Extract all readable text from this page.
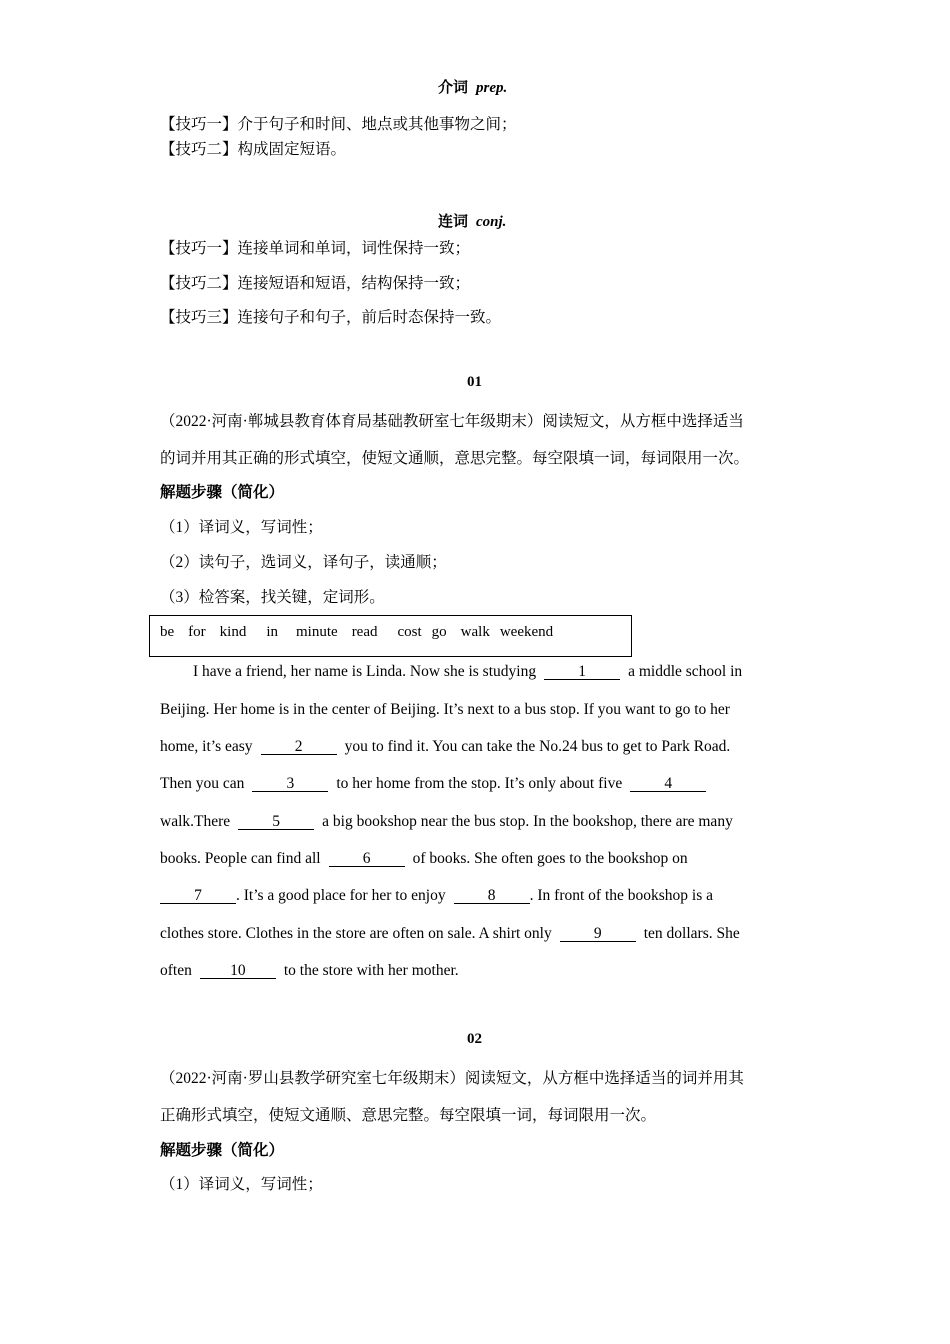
介词 prep.
【技巧一】介于句子和时间、地点或其他事物之间；
【技巧二】构成固定短语。
连词 conj.
【技巧一】连接单词和单词，词性保持一致；
【技巧二】连接短语和短语，结构保持一致；
【技巧三】连接句子和句子，前后时态保持一致。
01
（2022·河南·郸城县教育体育局基础教研室七年级期末）阅读短文，从方框中选择适当
的词并用其正确的形式填空，使短文通顺，意思完整。每空限填一词，每词限用一次。
解题步骤（简化）
（1）译词义，写词性；
（2）读句子，选词义，译句子，读通顺；
（3）检答案，找关键，定词形。
be for kind in minute read cost go walk weekend
I have a friend, her name is Linda. Now she is studying	1	a middle school in
Beijing. Her home is in the center of Beijing. It’s next to a bus stop. If you want to go to her
home, it’s easy	2	you to find it. You can take the No.24 bus to get to Park Road.
Then you can	3	to her home from the stop. It’s only about five	4
walk.There	5	a big bookshop near the bus stop. In the bookshop, there are many
books. People can find all	6	of books. She often goes to the bookshop on
7 . It’s a good place for her to enjoy	8 . In front of the bookshop is a
clothes store. Clothes in the store are often on sale. A shirt only	9	ten dollars. She
often 10 to the store with her mother.
02
（2022·河南·罗山县教学研究室七年级期末）阅读短文，从方框中选择适当的词并用其
正确形式填空，使短文通顺、意思完整。每空限填一词，每词限用一次。
解题步骤（简化）
（1）译词义，写词性；
